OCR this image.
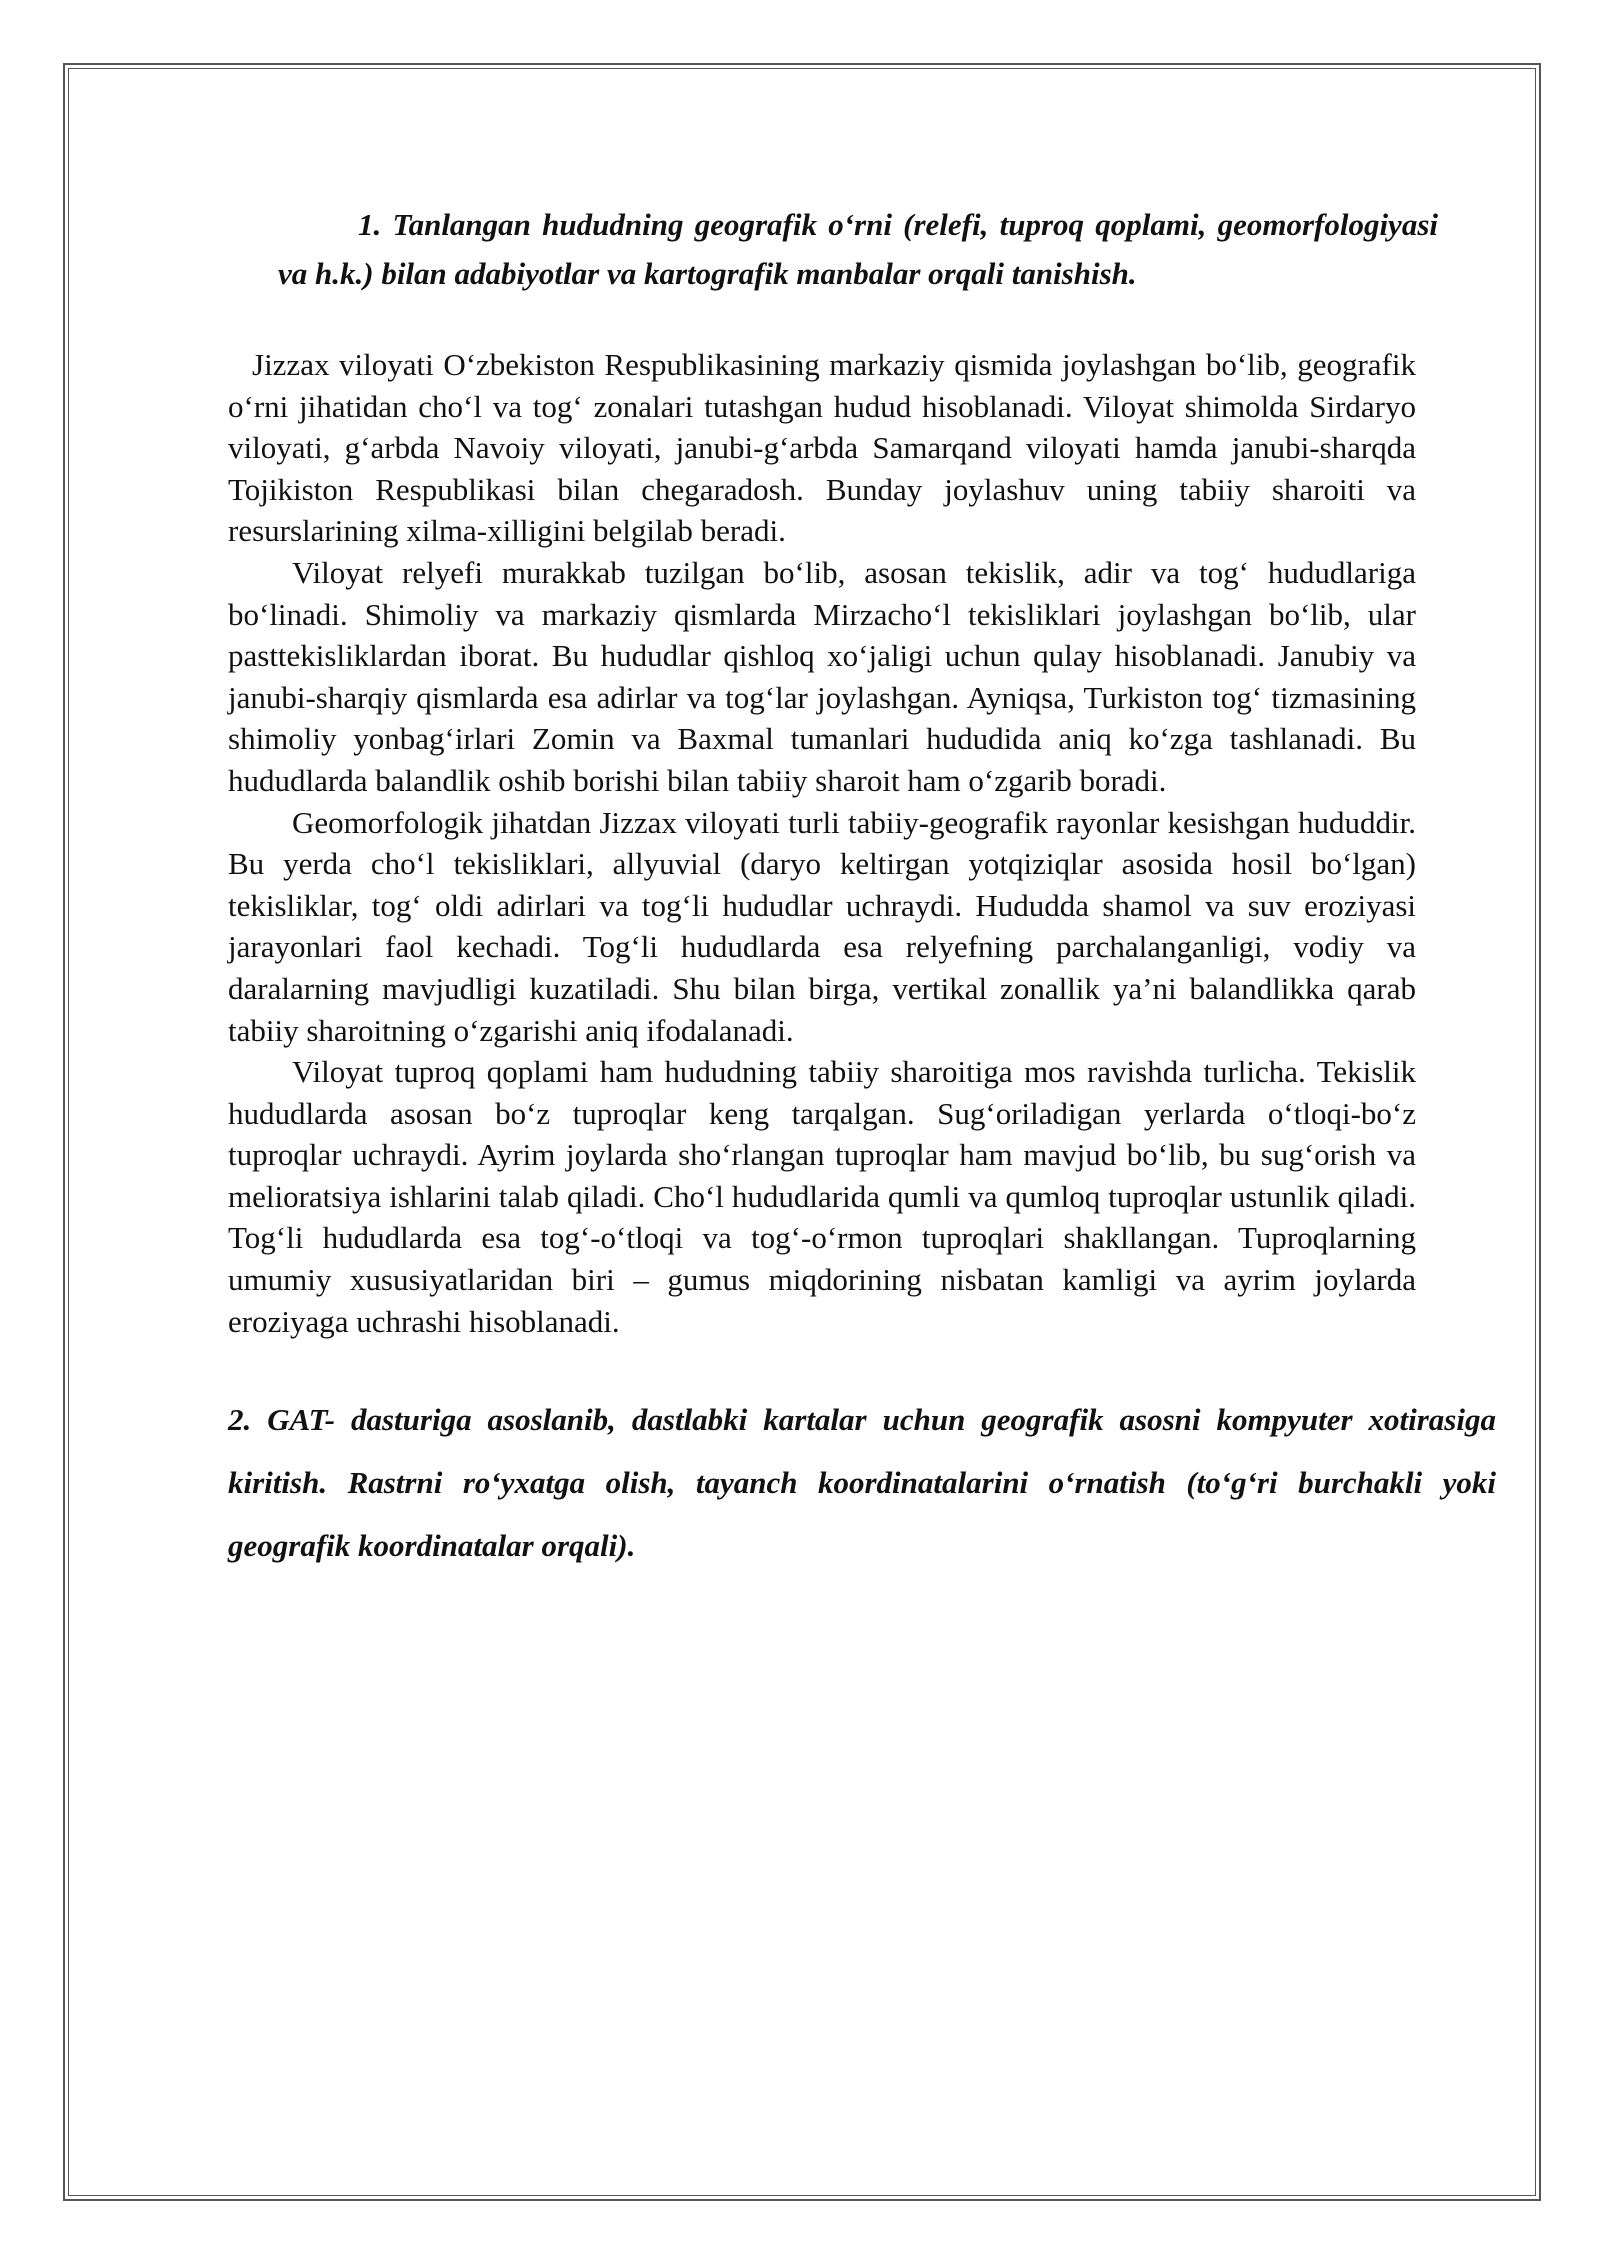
1. Tanlangan hududning geografik o‘rni (relefi, tuproq qoplami, geomorfologiyasi va h.k.) bilan adabiyotlar va kartografik manbalar orqali tanishish.

Jizzax viloyati O‘zbekiston Respublikasining markaziy qismida joylashgan bo‘lib, geografik o‘rni jihatidan cho‘l va tog‘ zonalari tutashgan hudud hisoblanadi. Viloyat shimolda Sirdaryo viloyati, g‘arbda Navoiy viloyati, janubi-g‘arbda Samarqand viloyati hamda janubi-sharqda Tojikiston Respublikasi bilan chegaradosh. Bunday joylashuv uning tabiiy sharoiti va resurslarining xilma-xilligini belgilab beradi.

Viloyat relyefi murakkab tuzilgan bo‘lib, asosan tekislik, adir va tog‘ hududlariga bo‘linadi. Shimoliy va markaziy qismlarda Mirzacho‘l tekisliklari joylashgan bo‘lib, ular pasttekisliklardan iborat. Bu hududlar qishloq xo‘jaligi uchun qulay hisoblanadi. Janubiy va janubi-sharqiy qismlarda esa adirlar va tog‘lar joylashgan. Ayniqsa, Turkiston tog‘ tizmasining shimoliy yonbag‘irlari Zomin va Baxmal tumanlari hududida aniq ko‘zga tashlanadi. Bu hududlarda balandlik oshib borishi bilan tabiiy sharoit ham o‘zgarib boradi.

Geomorfologik jihatdan Jizzax viloyati turli tabiiy-geografik rayonlar kesishgan hududdir. Bu yerda cho‘l tekisliklari, allyuvial (daryo keltirgan yotqiziqlar asosida hosil bo‘lgan) tekisliklar, tog‘ oldi adirlari va tog‘li hududlar uchraydi. Hududda shamol va suv eroziyasi jarayonlari faol kechadi. Tog‘li hududlarda esa relyefning parchalanganligi, vodiy va daralarning mavjudligi kuzatiladi. Shu bilan birga, vertikal zonallik ya’ni balandlikka qarab tabiiy sharoitning o‘zgarishi aniq ifodalanadi.

Viloyat tuproq qoplami ham hududning tabiiy sharoitiga mos ravishda turlicha. Tekislik hududlarda asosan bo‘z tuproqlar keng tarqalgan. Sug‘oriladigan yerlarda o‘tloqi-bo‘z tuproqlar uchraydi. Ayrim joylarda sho‘rlangan tuproqlar ham mavjud bo‘lib, bu sug‘orish va melioratsiya ishlarini talab qiladi. Cho‘l hududlarida qumli va qumloq tuproqlar ustunlik qiladi. Tog‘li hududlarda esa tog‘-o‘tloqi va tog‘-o‘rmon tuproqlari shakllangan. Tuproqlarning umumiy xususiyatlaridan biri – gumus miqdorining nisbatan kamligi va ayrim joylarda eroziyaga uchrashi hisoblanadi.

2. GAT- dasturiga asoslanib, dastlabki kartalar uchun geografik asosni kompyuter xotirasiga kiritish. Rastrni ro‘yxatga olish, tayanch koordinatalarini o‘rnatish (to‘g‘ri burchakli yoki geografik koordinatalar orqali).
